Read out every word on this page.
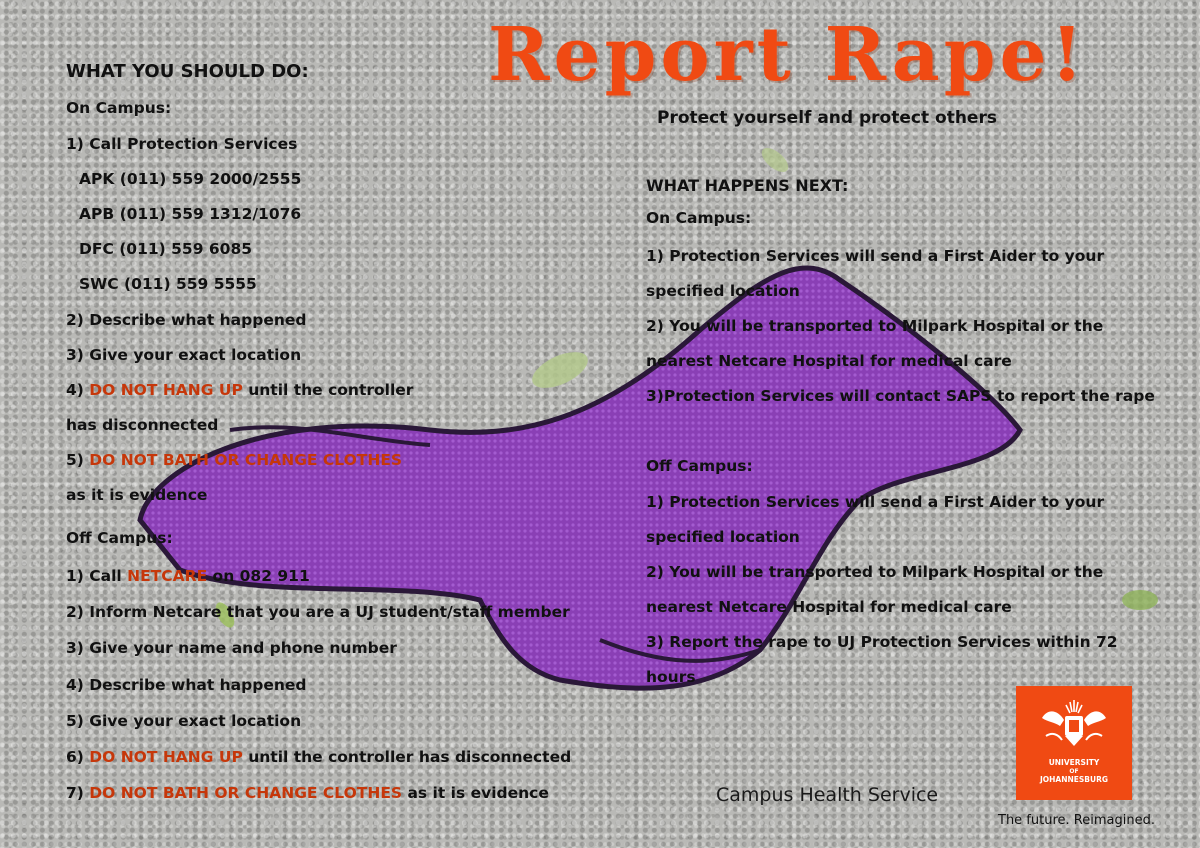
Report Rape!
Protect yourself and protect others
WHAT YOU SHOULD DO:
On Campus:
1) Call Protection Services
APK (011) 559 2000/2555
APB (011) 559 1312/1076
DFC (011) 559 6085
SWC (011) 559 5555
2) Describe what happened
3) Give your exact location
4) DO NOT HANG UP until the controller
has disconnected
5) DO NOT BATH OR CHANGE CLOTHES
as it is evidence
Off Campus:
1) Call NETCARE on 082 911
2) Inform Netcare that you are a UJ student/staff member
3) Give your name and phone number
4) Describe what happened
5) Give your exact location
6) DO NOT HANG UP until the controller has disconnected
7) DO NOT BATH OR CHANGE CLOTHES as it is evidence
WHAT HAPPENS NEXT:
On Campus:
1) Protection Services will send a First Aider to your
specified location
2) You will be transported to Milpark Hospital or the
nearest Netcare Hospital for medical care
3)Protection Services will contact SAPS to report the rape
Off Campus:
1) Protection Services will send a First Aider to your
specified location
2) You will be transported to Milpark Hospital or the
nearest Netcare Hospital for medical care
3) Report the rape to UJ Protection Services within 72
hours
Campus Health Service
UNIVERSITY
OF
JOHANNESBURG
The future. Reimagined.
